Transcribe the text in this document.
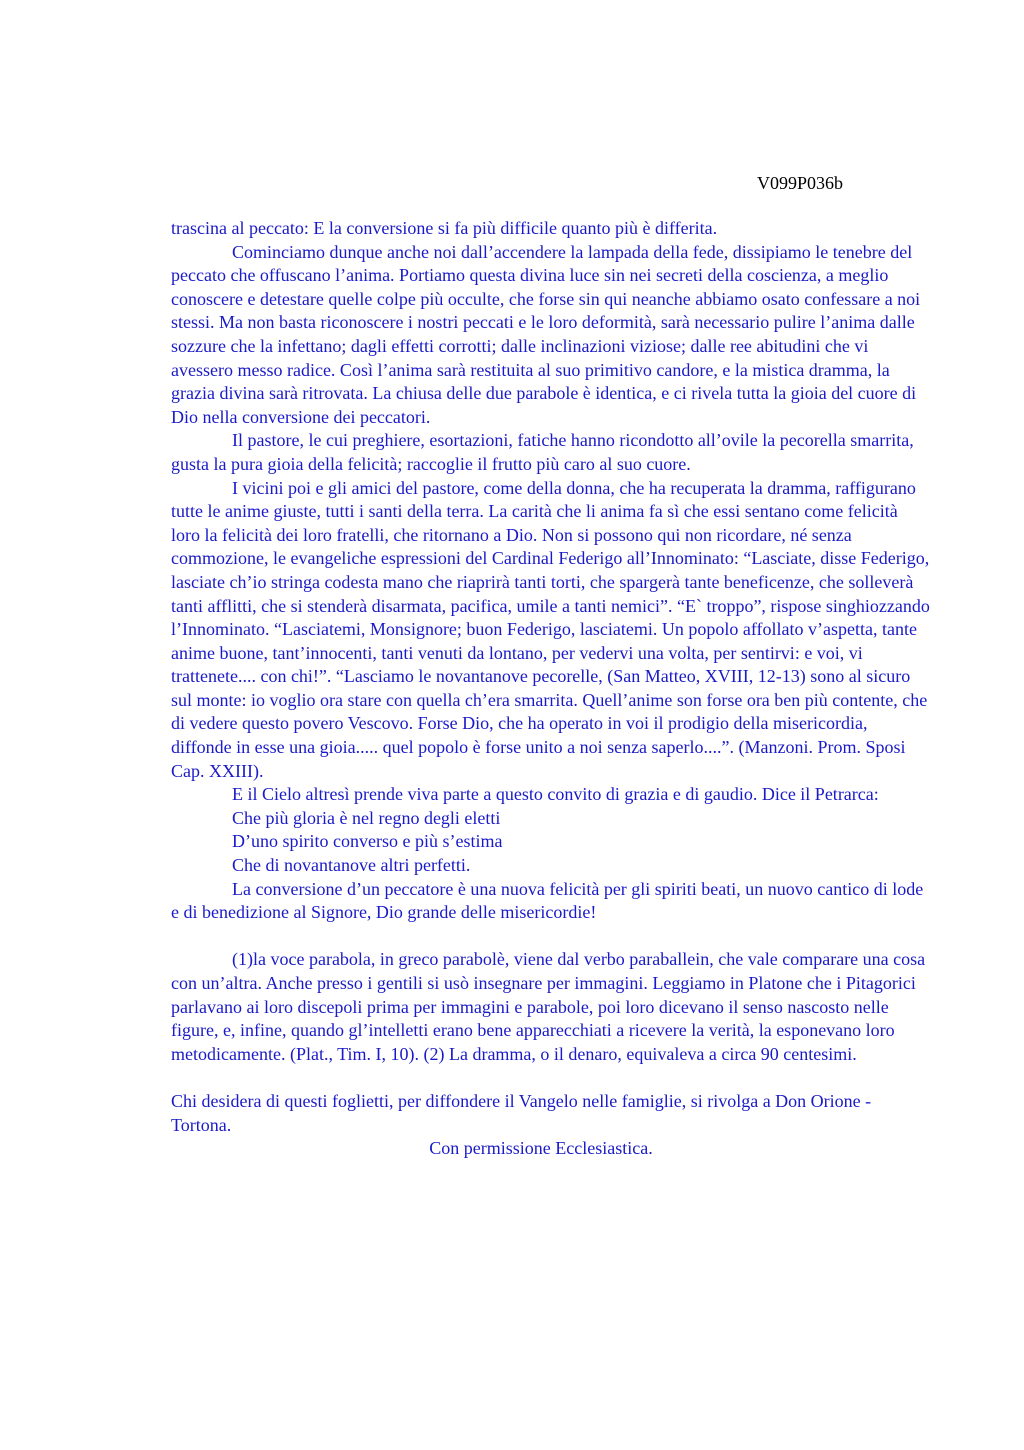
V099P036b

trascina al peccato: E la conversione si fa più difficile quanto più è differita.

Cominciamo dunque anche noi dall’accendere la lampada della fede, dissipiamo le tenebre del peccato che offuscano l’anima. Portiamo questa divina luce sin nei secreti della coscienza, a meglio conoscere e detestare quelle colpe più occulte, che forse sin qui neanche abbiamo osato confessare a noi stessi. Ma non basta riconoscere i nostri peccati e le loro deformità, sarà necessario pulire l’anima dalle sozzure che la infettano; dagli effetti corrotti; dalle inclinazioni viziose; dalle ree abitudini che vi avessero messo radice. Così l’anima sarà restituita al suo primitivo candore, e la mistica dramma, la grazia divina sarà ritrovata. La chiusa delle due parabole è identica, e ci rivela tutta la gioia del cuore di Dio nella conversione dei peccatori.

Il pastore, le cui preghiere, esortazioni, fatiche hanno ricondotto all’ovile la pecorella smarrita, gusta la pura gioia della felicità; raccoglie il frutto più caro al suo cuore.

I vicini poi e gli amici del pastore, come della donna, che ha recuperata la dramma, raffigurano tutte le anime giuste, tutti i santi della terra. La carità che li anima fa sì che essi sentano come felicità loro la felicità dei loro fratelli, che ritornano a Dio. Non si possono qui non ricordare, né senza commozione, le evangeliche espressioni del Cardinal Federigo all’Innominato: “Lasciate, disse Federigo, lasciate ch’io stringa codesta mano che riaprirà tanti torti, che spargerà tante beneficenze, che solleverà tanti afflitti, che si stenderà disarmata, pacifica, umile a tanti nemici”. “E` troppo”, rispose singhiozzando l’Innominato. “Lasciatemi, Monsignore; buon Federigo, lasciatemi. Un popolo affollato v’aspetta, tante anime buone, tant’innocenti, tanti venuti da lontano, per vedervi una volta, per sentirvi: e voi, vi trattenete.... con chi!”. “Lasciamo le novantanove pecorelle, (San Matteo, XVIII, 12-13) sono al sicuro sul monte: io voglio ora stare con quella ch’era smarrita. Quell’anime son forse ora ben più contente, che di vedere questo povero Vescovo. Forse Dio, che ha operato in voi il prodigio della misericordia, diffonde in esse una gioia..... quel popolo è forse unito a noi senza saperlo....”. (Manzoni. Prom. Sposi Cap. XXIII).

E il Cielo altresì prende viva parte a questo convito di grazia e di gaudio. Dice il Petrarca:

Che più gloria è nel regno degli eletti

D’uno spirito converso e più s’estima

Che di novantanove altri perfetti.

La conversione d’un peccatore è una nuova felicità per gli spiriti beati, un nuovo cantico di lode e di benedizione al Signore, Dio grande delle misericordie!

(1)la voce parabola, in greco parabolè, viene dal verbo paraballein, che vale comparare una cosa con un’altra. Anche presso i gentili si usò insegnare per immagini. Leggiamo in Platone che i Pitagorici parlavano ai loro discepoli prima per immagini e parabole, poi loro dicevano il senso nascosto nelle figure, e, infine, quando gl’intelletti erano bene apparecchiati a ricevere la verità, la esponevano loro metodicamente. (Plat., Tim. I, 10). (2) La dramma, o il denaro, equivaleva a circa 90 centesimi.

Chi desidera di questi foglietti, per diffondere il Vangelo nelle famiglie, si rivolga a Don Orione - Tortona.

Con permissione Ecclesiastica.
